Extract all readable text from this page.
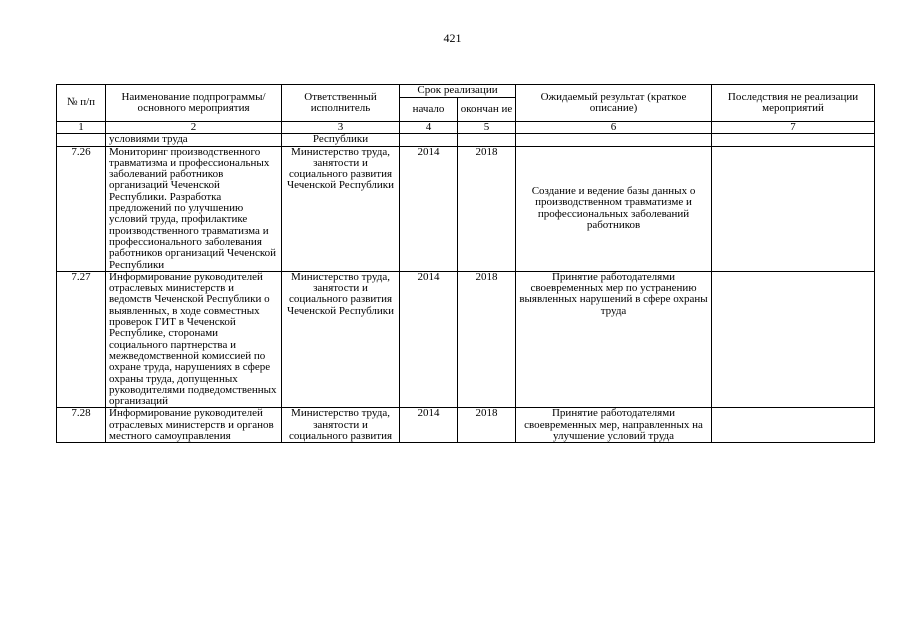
421
№ п/п	Наименование подпрограммы/ основного мероприятия	Ответственный исполнитель	Срок реализации		Ожидаемый результат (краткое описание)	Последствия не реализации мероприятий
			начало	окончан ие		
1	2	3	4	5	6	7
	условиями труда	Республики				
7.26	Мониторинг производственного травматизма и профессиональных заболеваний работников организаций Чеченской Республики. Разработка предложений по улучшению условий труда, профилактике производственного травматизма и профессионального заболевания работников организаций Чеченской Республики	Министерство труда, занятости и социального развития Чеченской Республики	2014	2018	Создание и ведение базы данных о производственном травматизме и профессиональных заболеваний работников	
7.27	Информирование руководителей отраслевых министерств и ведомств Чеченской Республики о выявленных, в ходе совместных проверок ГИТ в Чеченской Республике, сторонами социального партнерства и межведомственной комиссией по охране труда, нарушениях в сфере охраны труда, допущенных руководителями подведомственных организаций	Министерство труда, занятости и социального развития Чеченской Республики	2014	2018	Принятие работодателями своевременных мер по устранению выявленных нарушений в сфере охраны труда	
7.28	Информирование руководителей отраслевых министерств и органов местного самоуправления	Министерство труда, занятости и социального развития	2014	2018	Принятие работодателями своевременных мер, направленных на улучшение условий труда	
